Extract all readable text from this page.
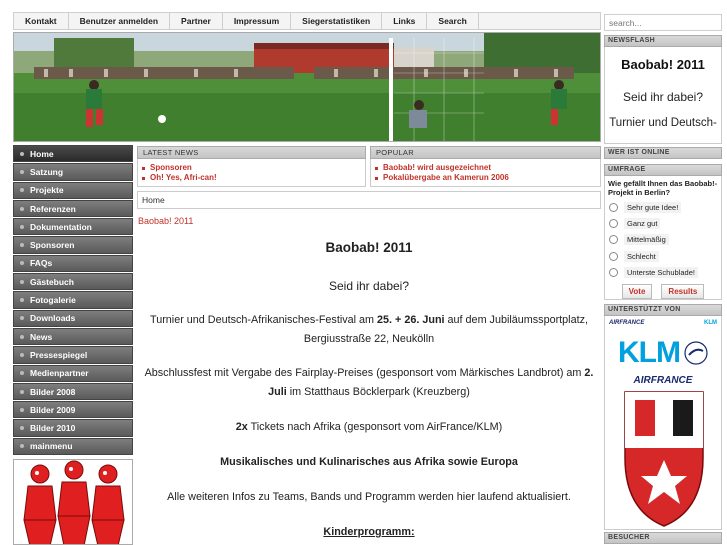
Kontakt	Benutzer anmelden	Partner	Impressum	Siegerstatistiken	Links	Search
search...
Home
Satzung
Projekte
Referenzen
Dokumentation
Sponsoren
FAQs
Gästebuch
Fotogalerie
Downloads
News
Pressespiegel
Medienpartner
Bilder 2008
Bilder 2009
Bilder 2010
mainmenu
LATEST NEWS
Sponsoren
Oh! Yes, Afri-can!
POPULAR
Baobab! wird ausgezeichnet
Pokalübergabe an Kamerun 2006
Home
Baobab! 2011

Baobab! 2011

Seid ihr dabei?

Turnier und Deutsch-Afrikanisches-Festival am 25. + 26. Juni auf dem Jubiläumssportplatz, Bergiusstraße 22, Neukölln

Abschlussfest mit Vergabe des Fairplay-Preises (gesponsort vom Märkisches Landbrot) am 2. Juli im Statthaus Böcklerpark (Kreuzberg)

2x Tickets nach Afrika (gesponsort vom AirFrance/KLM)

Musikalisches und Kulinarisches aus Afrika sowie Europa

Alle weiteren Infos zu Teams, Bands und Programm werden hier laufend aktualisiert.

Kinderprogramm:

NEWSFLASH
Baobab! 2011
Seid ihr dabei?
Turnier und Deutsch-
WER IST ONLINE
UMFRAGE
Wie gefällt Ihnen das Baobab!-Projekt in Berlin?
Sehr gute Idee!
Ganz gut
Mittelmäßig
Schlecht
Unterste Schublade!
Vote	Results
UNTERSTÜTZT VON
AIRFRANCE	KLM
KLM
AIRFRANCE
BESUCHER
